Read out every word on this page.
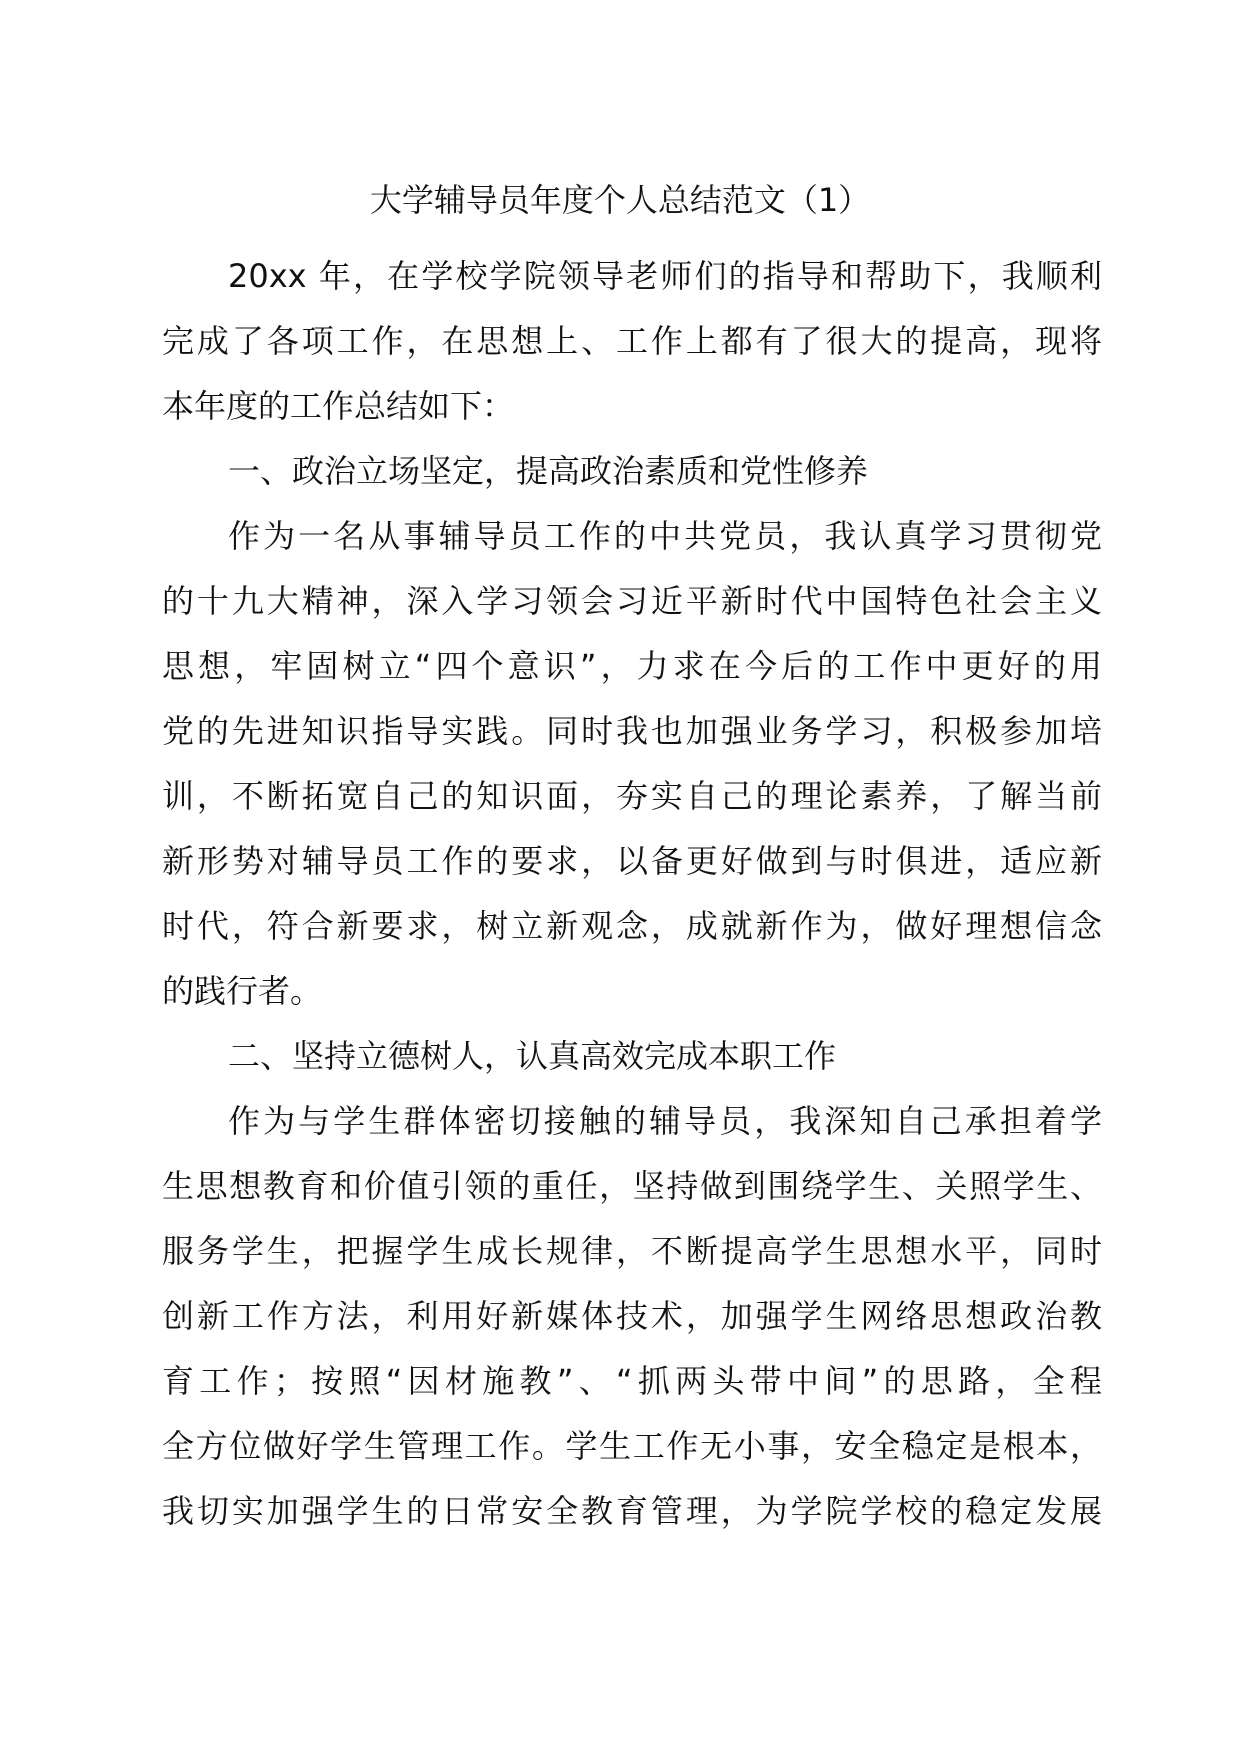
大学辅导员年度个人总结范文（1）
20xx 年，在学校学院领导老师们的指导和帮助下，我顺利
完成了各项工作，在思想上、工作上都有了很大的提高，现将
本年度的工作总结如下：
一、政治立场坚定，提高政治素质和党性修养
作为一名从事辅导员工作的中共党员，我认真学习贯彻党
的十九大精神，深入学习领会习近平新时代中国特色社会主义
思想，牢固树立“四个意识”，力求在今后的工作中更好的用
党的先进知识指导实践。同时我也加强业务学习，积极参加培
训，不断拓宽自己的知识面，夯实自己的理论素养，了解当前
新形势对辅导员工作的要求，以备更好做到与时俱进，适应新
时代，符合新要求，树立新观念，成就新作为，做好理想信念
的践行者。
二、坚持立德树人，认真高效完成本职工作
作为与学生群体密切接触的辅导员，我深知自己承担着学
生思想教育和价值引领的重任，坚持做到围绕学生、关照学生、
服务学生，把握学生成长规律，不断提高学生思想水平，同时
创新工作方法，利用好新媒体技术，加强学生网络思想政治教
育工作；按照“因材施教”、“抓两头带中间”的思路，全程
全方位做好学生管理工作。学生工作无小事，安全稳定是根本，
我切实加强学生的日常安全教育管理，为学院学校的稳定发展
